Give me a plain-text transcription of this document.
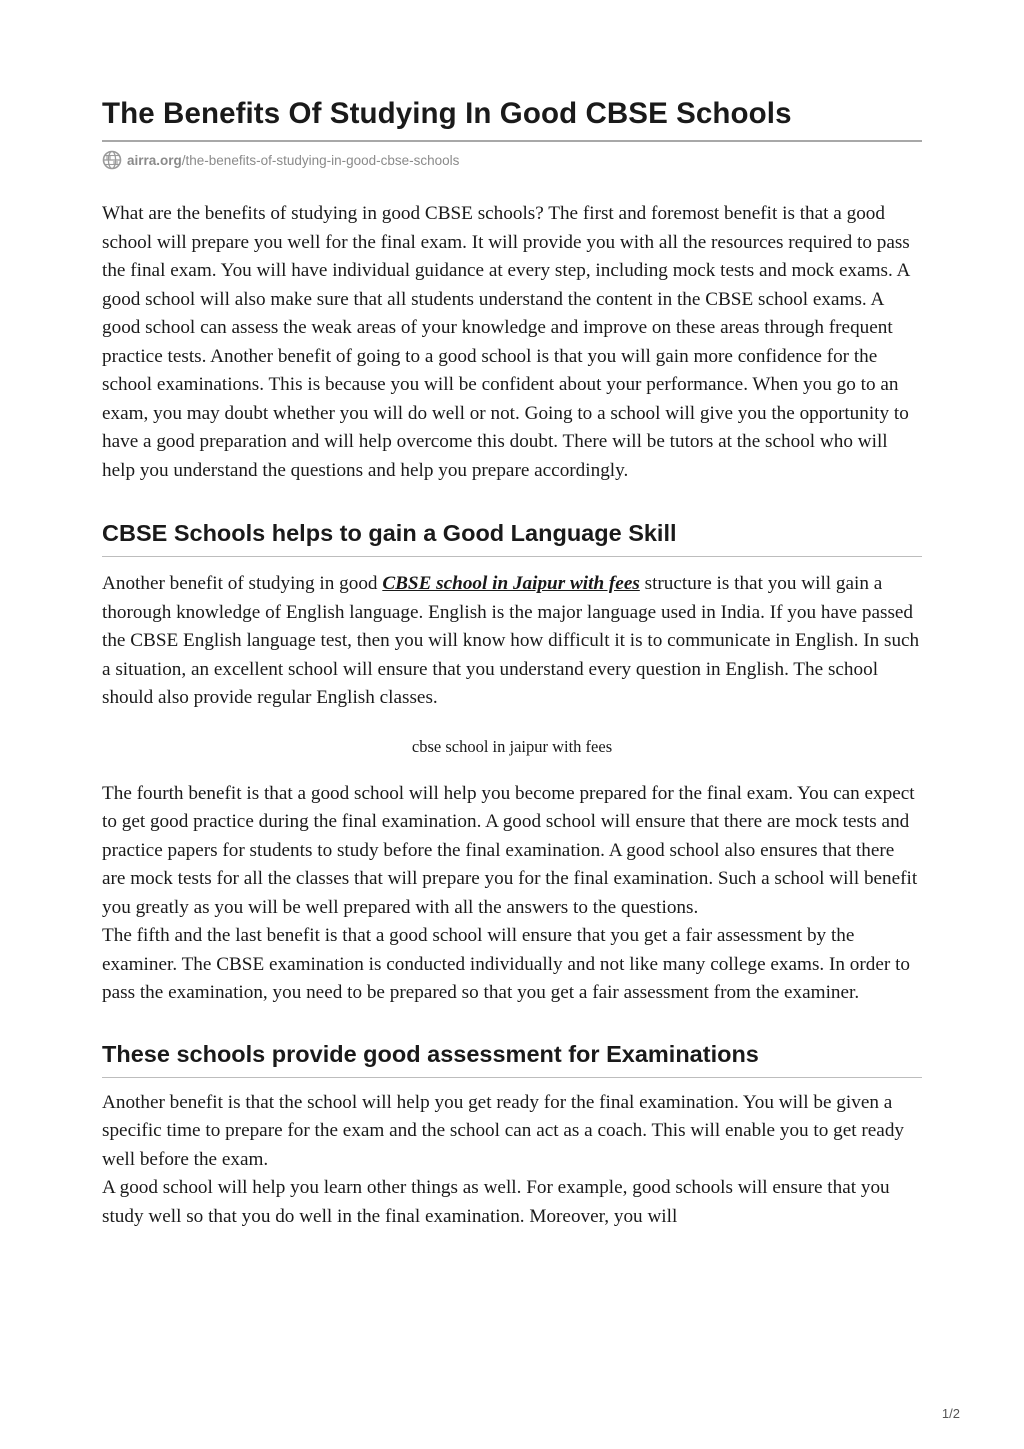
The Benefits Of Studying In Good CBSE Schools
airra.org /the-benefits-of-studying-in-good-cbse-schools

What are the benefits of studying in good CBSE schools? The first and foremost benefit is that a good school will prepare you well for the final exam. It will provide you with all the resources required to pass the final exam. You will have individual guidance at every step, including mock tests and mock exams. A good school will also make sure that all students understand the content in the CBSE school exams. A good school can assess the weak areas of your knowledge and improve on these areas through frequent practice tests. Another benefit of going to a good school is that you will gain more confidence for the school examinations. This is because you will be confident about your performance. When you go to an exam, you may doubt whether you will do well or not. Going to a school will give you the opportunity to have a good preparation and will help overcome this doubt. There will be tutors at the school who will help you understand the questions and help you prepare accordingly.

CBSE Schools helps to gain a Good Language Skill

Another benefit of studying in good CBSE school in Jaipur with fees structure is that you will gain a thorough knowledge of English language. English is the major language used in India. If you have passed the CBSE English language test, then you will know how difficult it is to communicate in English. In such a situation, an excellent school will ensure that you understand every question in English. The school should also provide regular English classes.

cbse school in jaipur with fees

The fourth benefit is that a good school will help you become prepared for the final exam. You can expect to get good practice during the final examination. A good school will ensure that there are mock tests and practice papers for students to study before the final examination. A good school also ensures that there are mock tests for all the classes that will prepare you for the final examination. Such a school will benefit you greatly as you will be well prepared with all the answers to the questions.

The fifth and the last benefit is that a good school will ensure that you get a fair assessment by the examiner. The CBSE examination is conducted individually and not like many college exams. In order to pass the examination, you need to be prepared so that you get a fair assessment from the examiner.

These schools provide good assessment for Examinations

Another benefit is that the school will help you get ready for the final examination. You will be given a specific time to prepare for the exam and the school can act as a coach. This will enable you to get ready well before the exam.

A good school will help you learn other things as well. For example, good schools will ensure that you study well so that you do well in the final examination. Moreover, you will

1/2
